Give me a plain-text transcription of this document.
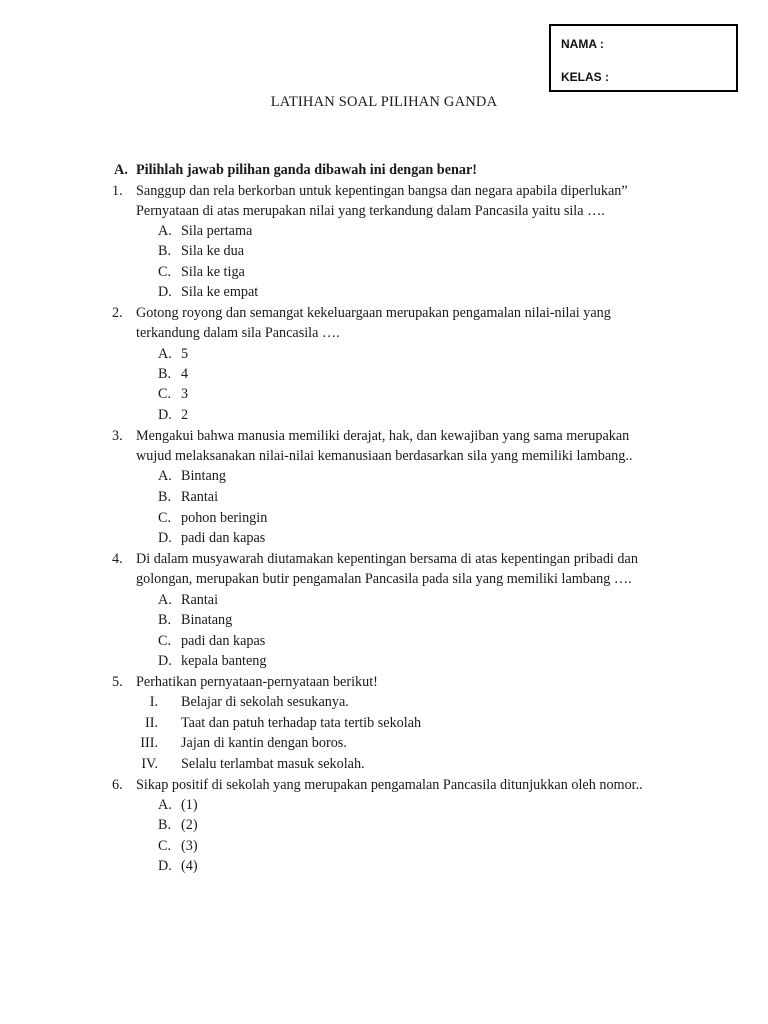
NAMA :
KELAS :
LATIHAN SOAL PILIHAN GANDA
A. Pilihlah jawab pilihan ganda dibawah ini dengan benar!
1. Sanggup dan rela berkorban untuk kepentingan bangsa dan negara apabila diperlukan”
Pernyataan di atas merupakan nilai yang terkandung dalam Pancasila yaitu sila ….
A. Sila pertama
B. Sila ke dua
C. Sila ke tiga
D. Sila ke empat
2. Gotong royong dan semangat kekeluargaan merupakan pengamalan nilai-nilai yang
terkandung dalam sila Pancasila ….
A. 5
B. 4
C. 3
D. 2
3. Mengakui bahwa manusia memiliki derajat, hak, dan kewajiban yang sama merupakan
wujud melaksanakan nilai-nilai kemanusiaan berdasarkan sila yang memiliki lambang..
A. Bintang
B. Rantai
C. pohon beringin
D. padi dan kapas
4. Di dalam musyawarah diutamakan kepentingan bersama di atas kepentingan pribadi dan
golongan, merupakan butir pengamalan Pancasila pada sila yang memiliki lambang ….
A. Rantai
B. Binatang
C. padi dan kapas
D. kepala banteng
5. Perhatikan pernyataan-pernyataan berikut!
I. Belajar di sekolah sesukanya.
II. Taat dan patuh terhadap tata tertib sekolah
III. Jajan di kantin dengan boros.
IV. Selalu terlambat masuk sekolah.
6. Sikap positif di sekolah yang merupakan pengamalan Pancasila ditunjukkan oleh nomor..
A. (1)
B. (2)
C. (3)
D. (4)
